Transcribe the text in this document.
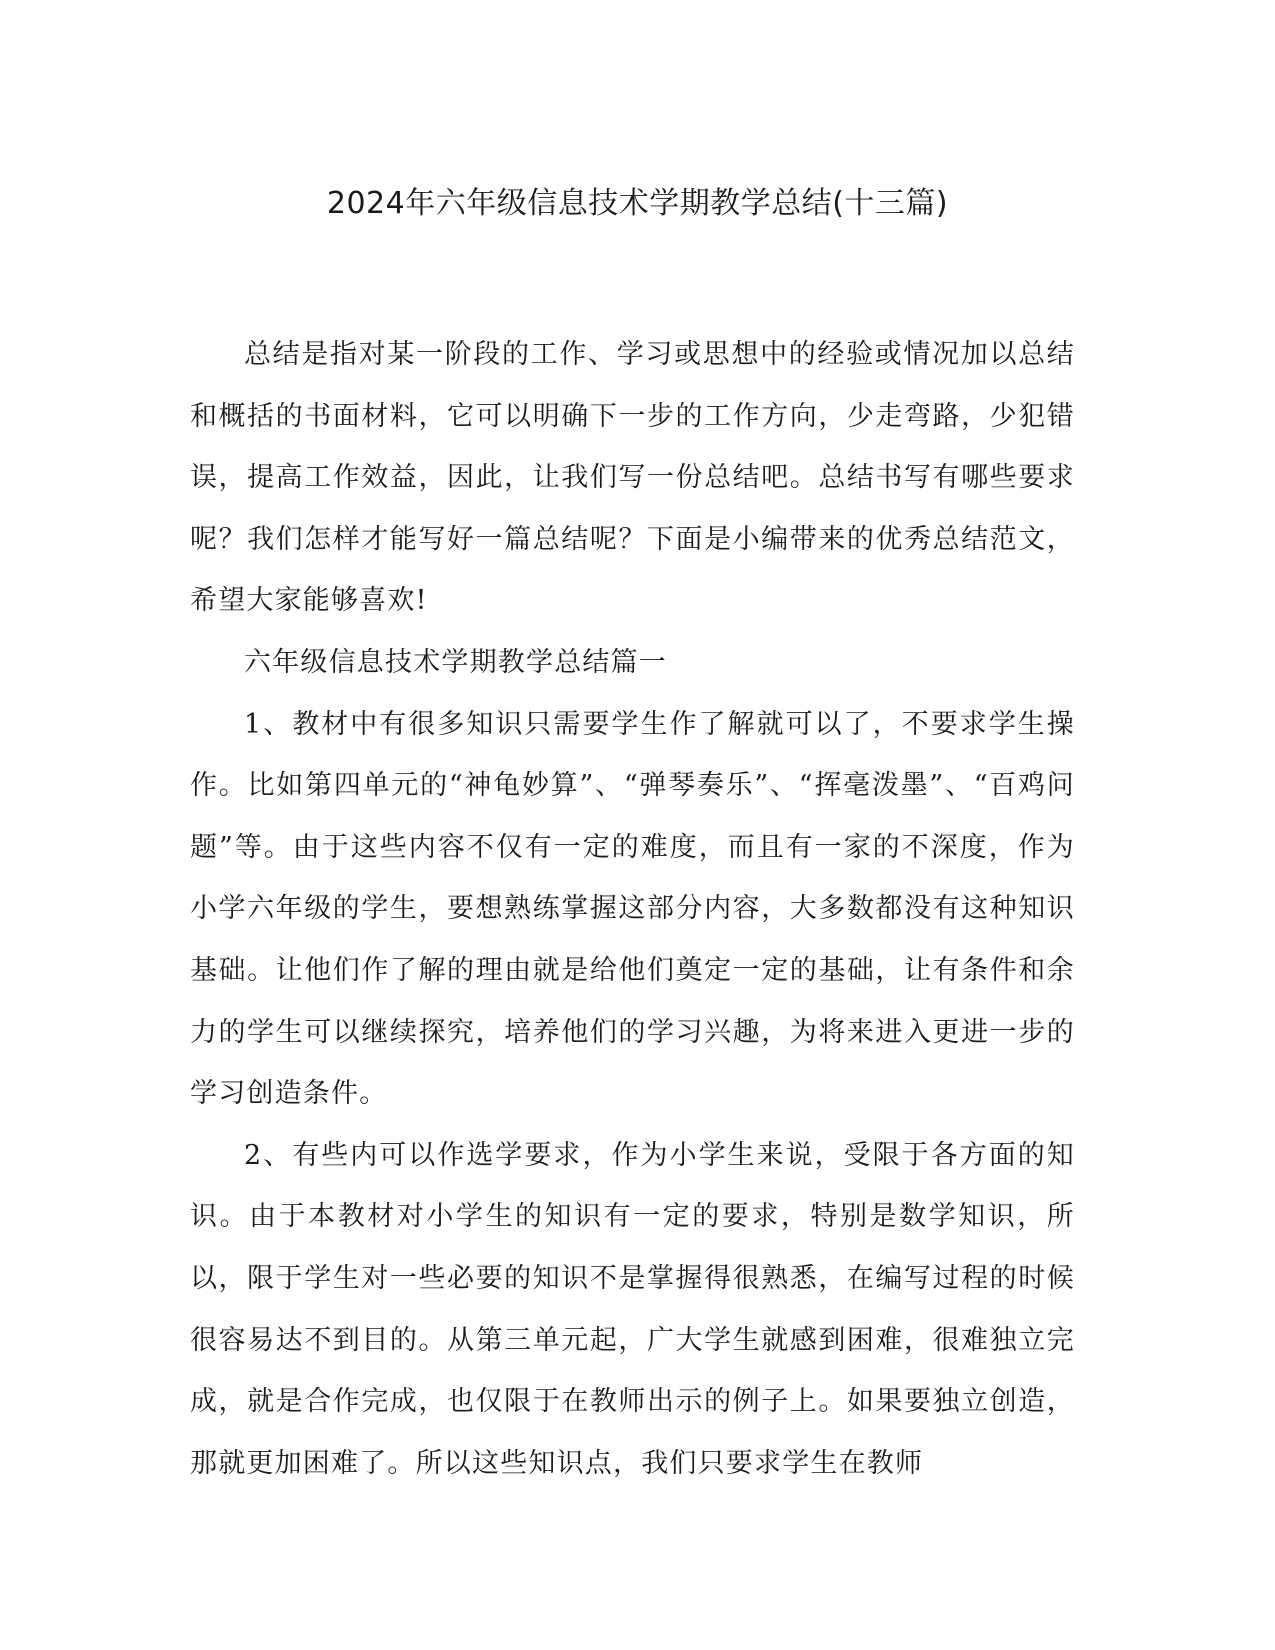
2024年六年级信息技术学期教学总结(十三篇)

总结是指对某一阶段的工作、学习或思想中的经验或情况加以总结和概括的书面材料，它可以明确下一步的工作方向，少走弯路，少犯错误，提高工作效益，因此，让我们写一份总结吧。总结书写有哪些要求呢？我们怎样才能写好一篇总结呢？下面是小编带来的优秀总结范文，希望大家能够喜欢!

六年级信息技术学期教学总结篇一

1、教材中有很多知识只需要学生作了解就可以了，不要求学生操作。比如第四单元的“神龟妙算”、“弹琴奏乐”、“挥毫泼墨”、“百鸡问题”等。由于这些内容不仅有一定的难度，而且有一家的不深度，作为小学六年级的学生，要想熟练掌握这部分内容，大多数都没有这种知识基础。让他们作了解的理由就是给他们奠定一定的基础，让有条件和余力的学生可以继续探究，培养他们的学习兴趣，为将来进入更进一步的学习创造条件。

2、有些内可以作选学要求，作为小学生来说，受限于各方面的知识。由于本教材对小学生的知识有一定的要求，特别是数学知识，所以，限于学生对一些必要的知识不是掌握得很熟悉，在编写过程的时候很容易达不到目的。从第三单元起，广大学生就感到困难，很难独立完成，就是合作完成，也仅限于在教师出示的例子上。如果要独立创造，那就更加困难了。所以这些知识点，我们只要求学生在教师
